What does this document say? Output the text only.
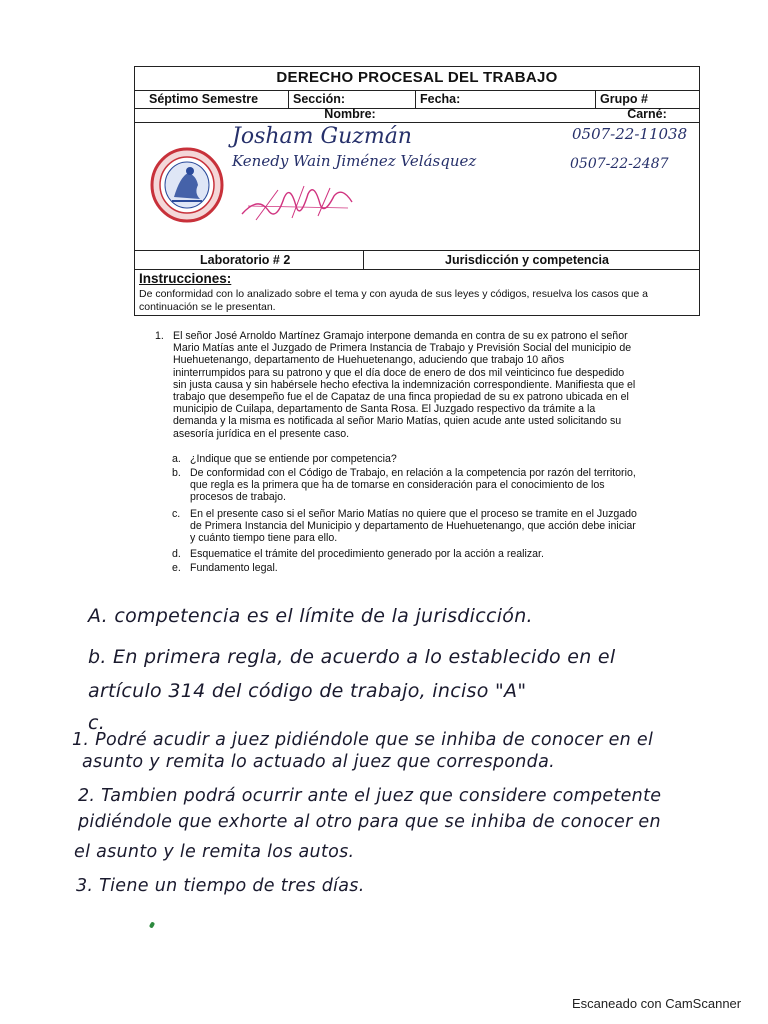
DERECHO PROCESAL DEL TRABAJO
Séptimo Semestre	Sección:	Fecha:	Grupo #
Nombre:	Carné:
Laboratorio # 2	Jurisdicción y competencia
Instrucciones:
De conformidad con lo analizado sobre el tema y con ayuda de sus leyes y códigos, resuelva los casos que a continuación se le presentan.
Josham Guzmán
Kenedy Wain Jiménez Velásquez
0507-22-11038
0507-22-2487
1. El señor José Arnoldo Martínez Gramajo interpone demanda en contra de su ex patrono el señor Mario Matías ante el Juzgado de Primera Instancia de Trabajo y Previsión Social del municipio de Huehuetenango, departamento de Huehuetenango, aduciendo que trabajo 10 años ininterrumpidos para su patrono y que el día doce de enero de dos mil veinticinco fue despedido sin justa causa y sin habérsele hecho efectiva la indemnización correspondiente. Manifiesta que el trabajo que desempeño fue el de Capataz de una finca propiedad de su ex patrono ubicada en el municipio de Cuilapa, departamento de Santa Rosa. El Juzgado respectivo da trámite a la demanda y la misma es notificada al señor Mario Matías, quien acude ante usted solicitando su asesoría jurídica en el presente caso.
a. ¿Indique que se entiende por competencia?
b. De conformidad con el Código de Trabajo, en relación a la competencia por razón del territorio, que regla es la primera que ha de tomarse en consideración para el conocimiento de los procesos de trabajo.
c. En el presente caso si el señor Mario Matías no quiere que el proceso se tramite en el Juzgado de Primera Instancia del Municipio y departamento de Huehuetenango, que acción debe iniciar y cuánto tiempo tiene para ello.
d. Esquematice el trámite del procedimiento generado por la acción a realizar.
e. Fundamento legal.
A. competencia es el límite de la jurisdicción.
b. En primera regla, de acuerdo a lo establecido en el
artículo 314 del código de trabajo, inciso "A"
c.
1. Podré acudir a juez pidiéndole que se inhiba de conocer en el
asunto y remita lo actuado al juez que corresponda.
2. Tambien podrá ocurrir ante el juez que considere competente
pidiéndole que exhorte al otro para que se inhiba de conocer en
el asunto y le remita los autos.
3. Tiene un tiempo de tres días.
Escaneado con CamScanner
